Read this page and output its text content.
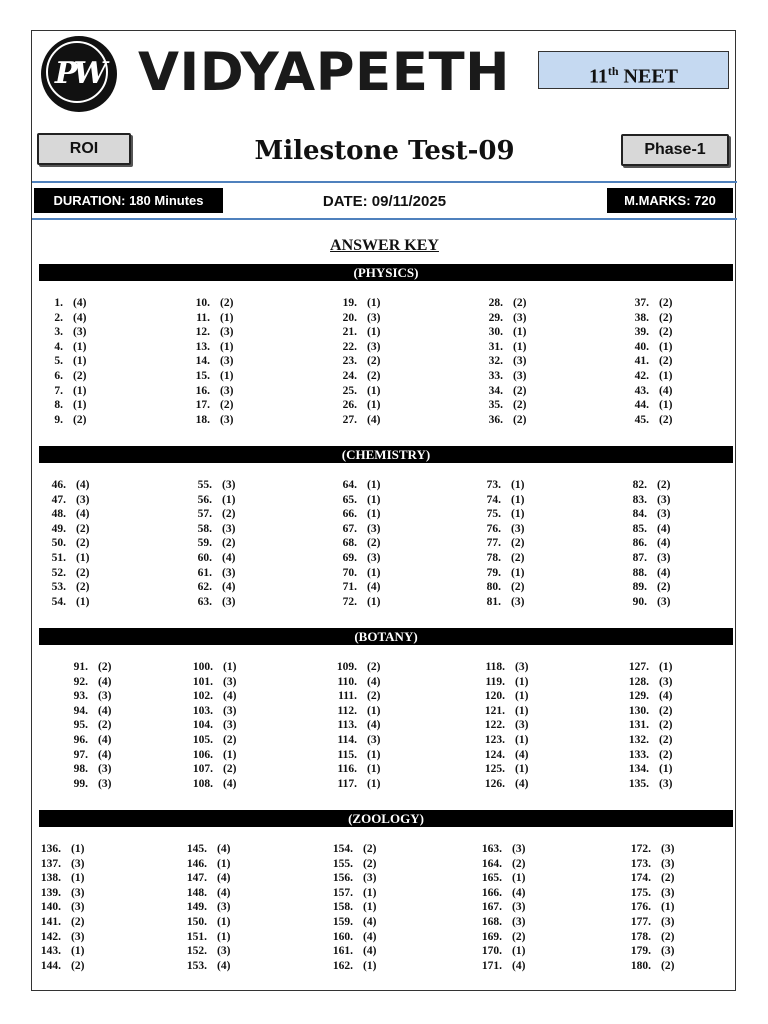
PW VIDYAPEETH	11th NEET
ROI	Milestone Test-09	Phase-1
DURATION: 180 Minutes	DATE: 09/11/2025	M.MARKS: 720
ANSWER KEY
(PHYSICS)
1. (4)
2. (4)
3. (3)
4. (1)
5. (1)
6. (2)
7. (1)
8. (1)
9. (2)
10. (2)
11. (1)
12. (3)
13. (1)
14. (3)
15. (1)
16. (3)
17. (2)
18. (3)
19. (1)
20. (3)
21. (1)
22. (3)
23. (2)
24. (2)
25. (1)
26. (1)
27. (4)
28. (2)
29. (3)
30. (1)
31. (1)
32. (3)
33. (3)
34. (2)
35. (2)
36. (2)
37. (2)
38. (2)
39. (2)
40. (1)
41. (2)
42. (1)
43. (4)
44. (1)
45. (2)
(CHEMISTRY)
46. (4)
47. (3)
48. (4)
49. (2)
50. (2)
51. (1)
52. (2)
53. (2)
54. (1)
55. (3)
56. (1)
57. (2)
58. (3)
59. (2)
60. (4)
61. (3)
62. (4)
63. (3)
64. (1)
65. (1)
66. (1)
67. (3)
68. (2)
69. (3)
70. (1)
71. (4)
72. (1)
73. (1)
74. (1)
75. (1)
76. (3)
77. (2)
78. (2)
79. (1)
80. (2)
81. (3)
82. (2)
83. (3)
84. (3)
85. (4)
86. (4)
87. (3)
88. (4)
89. (2)
90. (3)
(BOTANY)
91. (2)
92. (4)
93. (3)
94. (4)
95. (2)
96. (4)
97. (4)
98. (3)
99. (3)
100. (1)
101. (3)
102. (4)
103. (3)
104. (3)
105. (2)
106. (1)
107. (2)
108. (4)
109. (2)
110. (4)
111. (2)
112. (1)
113. (4)
114. (3)
115. (1)
116. (1)
117. (1)
118. (3)
119. (1)
120. (1)
121. (1)
122. (3)
123. (1)
124. (4)
125. (1)
126. (4)
127. (1)
128. (3)
129. (4)
130. (2)
131. (2)
132. (2)
133. (2)
134. (1)
135. (3)
(ZOOLOGY)
136. (1)
137. (3)
138. (1)
139. (3)
140. (3)
141. (2)
142. (3)
143. (1)
144. (2)
145. (4)
146. (1)
147. (4)
148. (4)
149. (3)
150. (1)
151. (1)
152. (3)
153. (4)
154. (2)
155. (2)
156. (3)
157. (1)
158. (1)
159. (4)
160. (4)
161. (4)
162. (1)
163. (3)
164. (2)
165. (1)
166. (4)
167. (3)
168. (3)
169. (2)
170. (1)
171. (4)
172. (3)
173. (3)
174. (2)
175. (3)
176. (1)
177. (3)
178. (2)
179. (3)
180. (2)
